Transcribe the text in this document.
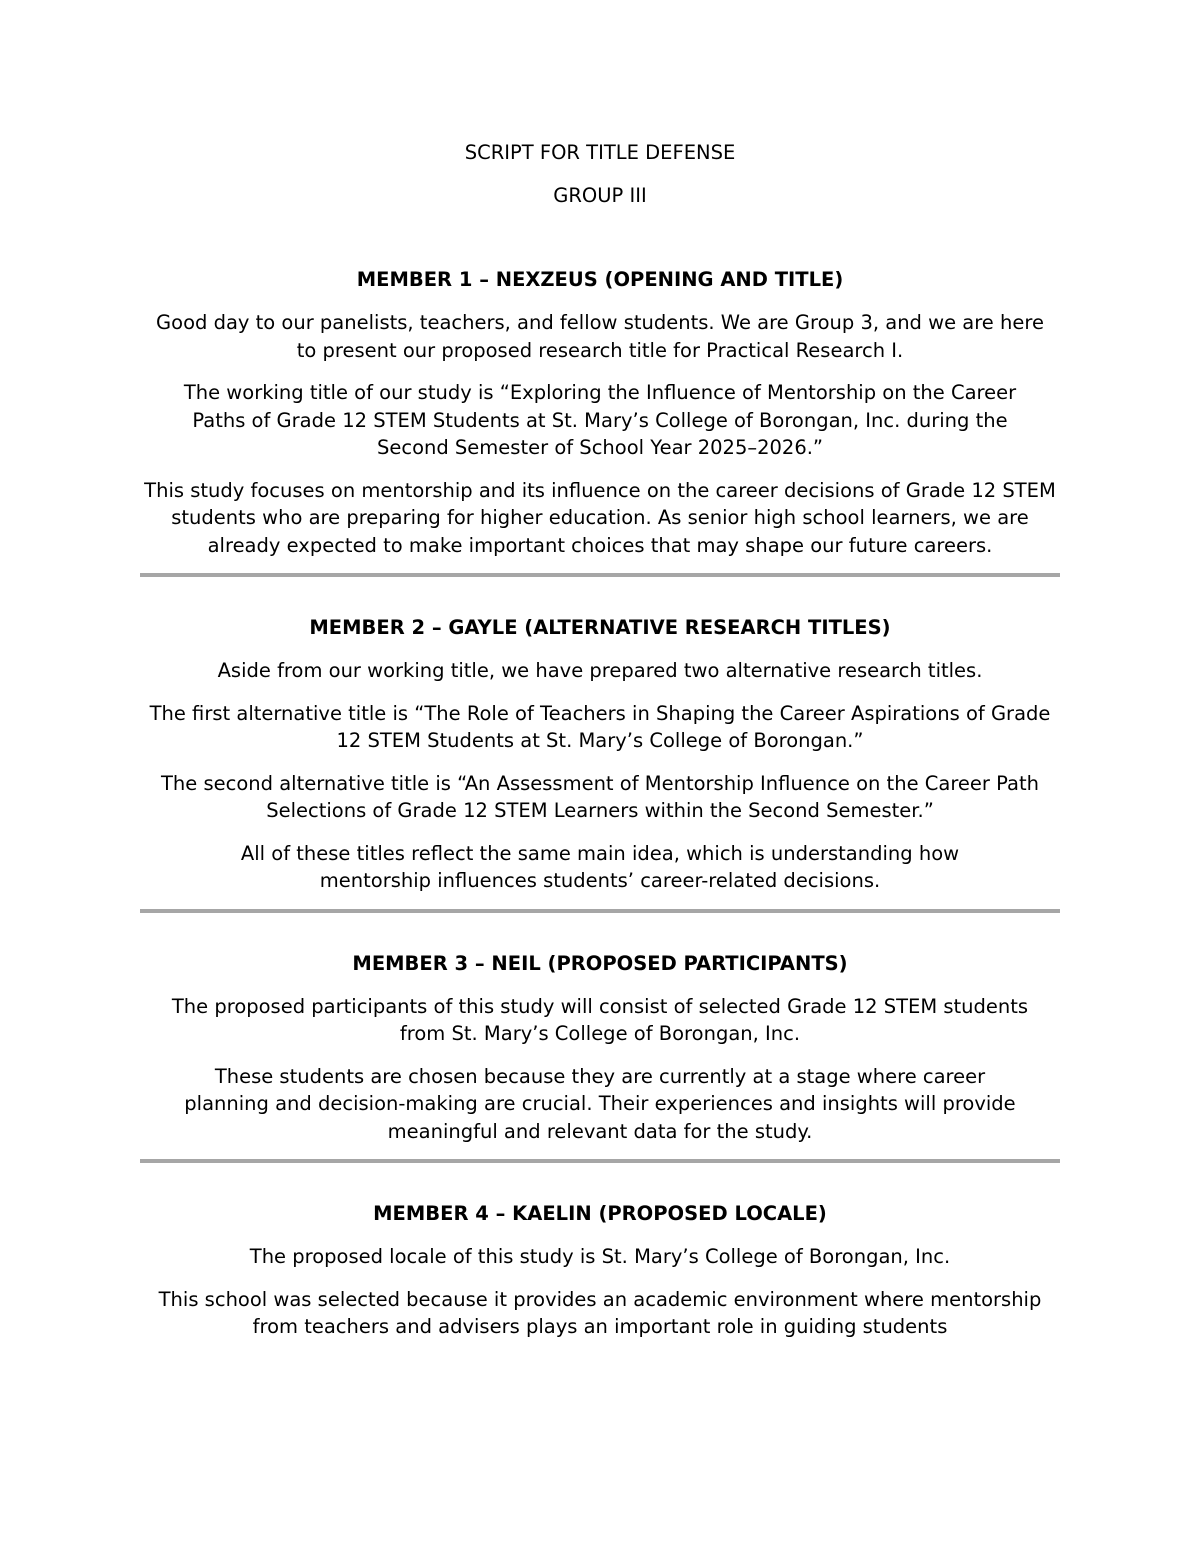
SCRIPT FOR TITLE DEFENSE

GROUP III

MEMBER 1 – NEXZEUS (OPENING AND TITLE)

Good day to our panelists, teachers, and fellow students. We are Group 3, and we are here to present our proposed research title for Practical Research I.

The working title of our study is “Exploring the Influence of Mentorship on the Career Paths of Grade 12 STEM Students at St. Mary’s College of Borongan, Inc. during the Second Semester of School Year 2025–2026.”

This study focuses on mentorship and its influence on the career decisions of Grade 12 STEM students who are preparing for higher education. As senior high school learners, we are already expected to make important choices that may shape our future careers.

MEMBER 2 – GAYLE (ALTERNATIVE RESEARCH TITLES)

Aside from our working title, we have prepared two alternative research titles.

The first alternative title is “The Role of Teachers in Shaping the Career Aspirations of Grade 12 STEM Students at St. Mary’s College of Borongan.”

The second alternative title is “An Assessment of Mentorship Influence on the Career Path Selections of Grade 12 STEM Learners within the Second Semester.”

All of these titles reflect the same main idea, which is understanding how mentorship influences students’ career-related decisions.

MEMBER 3 – NEIL (PROPOSED PARTICIPANTS)

The proposed participants of this study will consist of selected Grade 12 STEM students from St. Mary’s College of Borongan, Inc.

These students are chosen because they are currently at a stage where career planning and decision-making are crucial. Their experiences and insights will provide meaningful and relevant data for the study.

MEMBER 4 – KAELIN (PROPOSED LOCALE)

The proposed locale of this study is St. Mary’s College of Borongan, Inc.

This school was selected because it provides an academic environment where mentorship from teachers and advisers plays an important role in guiding students
